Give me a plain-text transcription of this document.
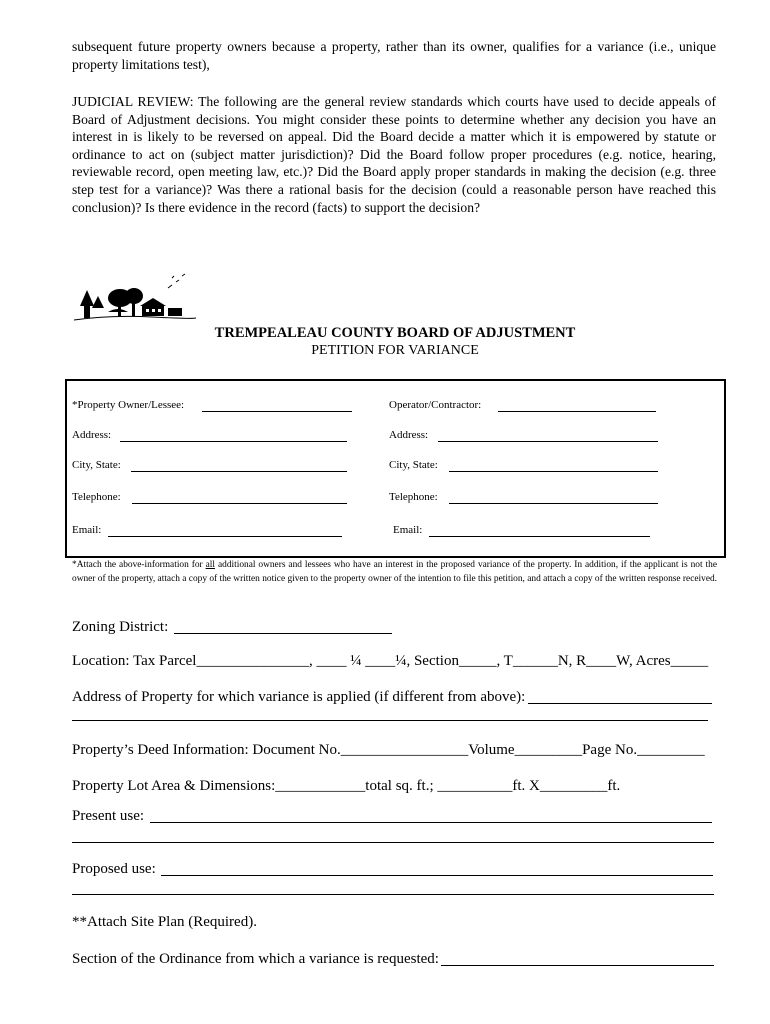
subsequent future property owners because a property, rather than its owner, qualifies for a variance (i.e., unique property limitations test),
JUDICIAL REVIEW: The following are the general review standards which courts have used to decide appeals of Board of Adjustment decisions. You might consider these points to determine whether any decision you have an interest in is likely to be reversed on appeal. Did the Board decide a matter which it is empowered by statute or ordinance to act on (subject matter jurisdiction)? Did the Board follow proper procedures (e.g. notice, hearing, reviewable record, open meeting law, etc.)? Did the Board apply proper standards in making the decision (e.g. three step test for a variance)? Was there a rational basis for the decision (could a reasonable person have reached this conclusion)? Is there evidence in the record (facts) to support the decision?
TREMPEALEAU COUNTY BOARD OF ADJUSTMENT
PETITION FOR VARIANCE
*Property Owner/Lessee:	Operator/Contractor:
Address:	Address:
City, State:	City, State:
Telephone:	Telephone:
Email:	Email:
*Attach the above-information for all additional owners and lessees who have an interest in the proposed variance of the property. In addition, if the applicant is not the owner of the property, attach a copy of the written notice given to the property owner of the intention to file this petition, and attach a copy of the written response received.
Zoning District:
Location: Tax Parcel_______________, ____ ¼ ____¼, Section_____, T______N, R____W, Acres_____
Address of Property for which variance is applied (if different from above):
Property’s Deed Information: Document No._________________Volume_________Page No._________
Property Lot Area & Dimensions:____________total sq. ft.; __________ft. X_________ft.
Present use:
Proposed use:
**Attach Site Plan (Required).
Section of the Ordinance from which a variance is requested:
